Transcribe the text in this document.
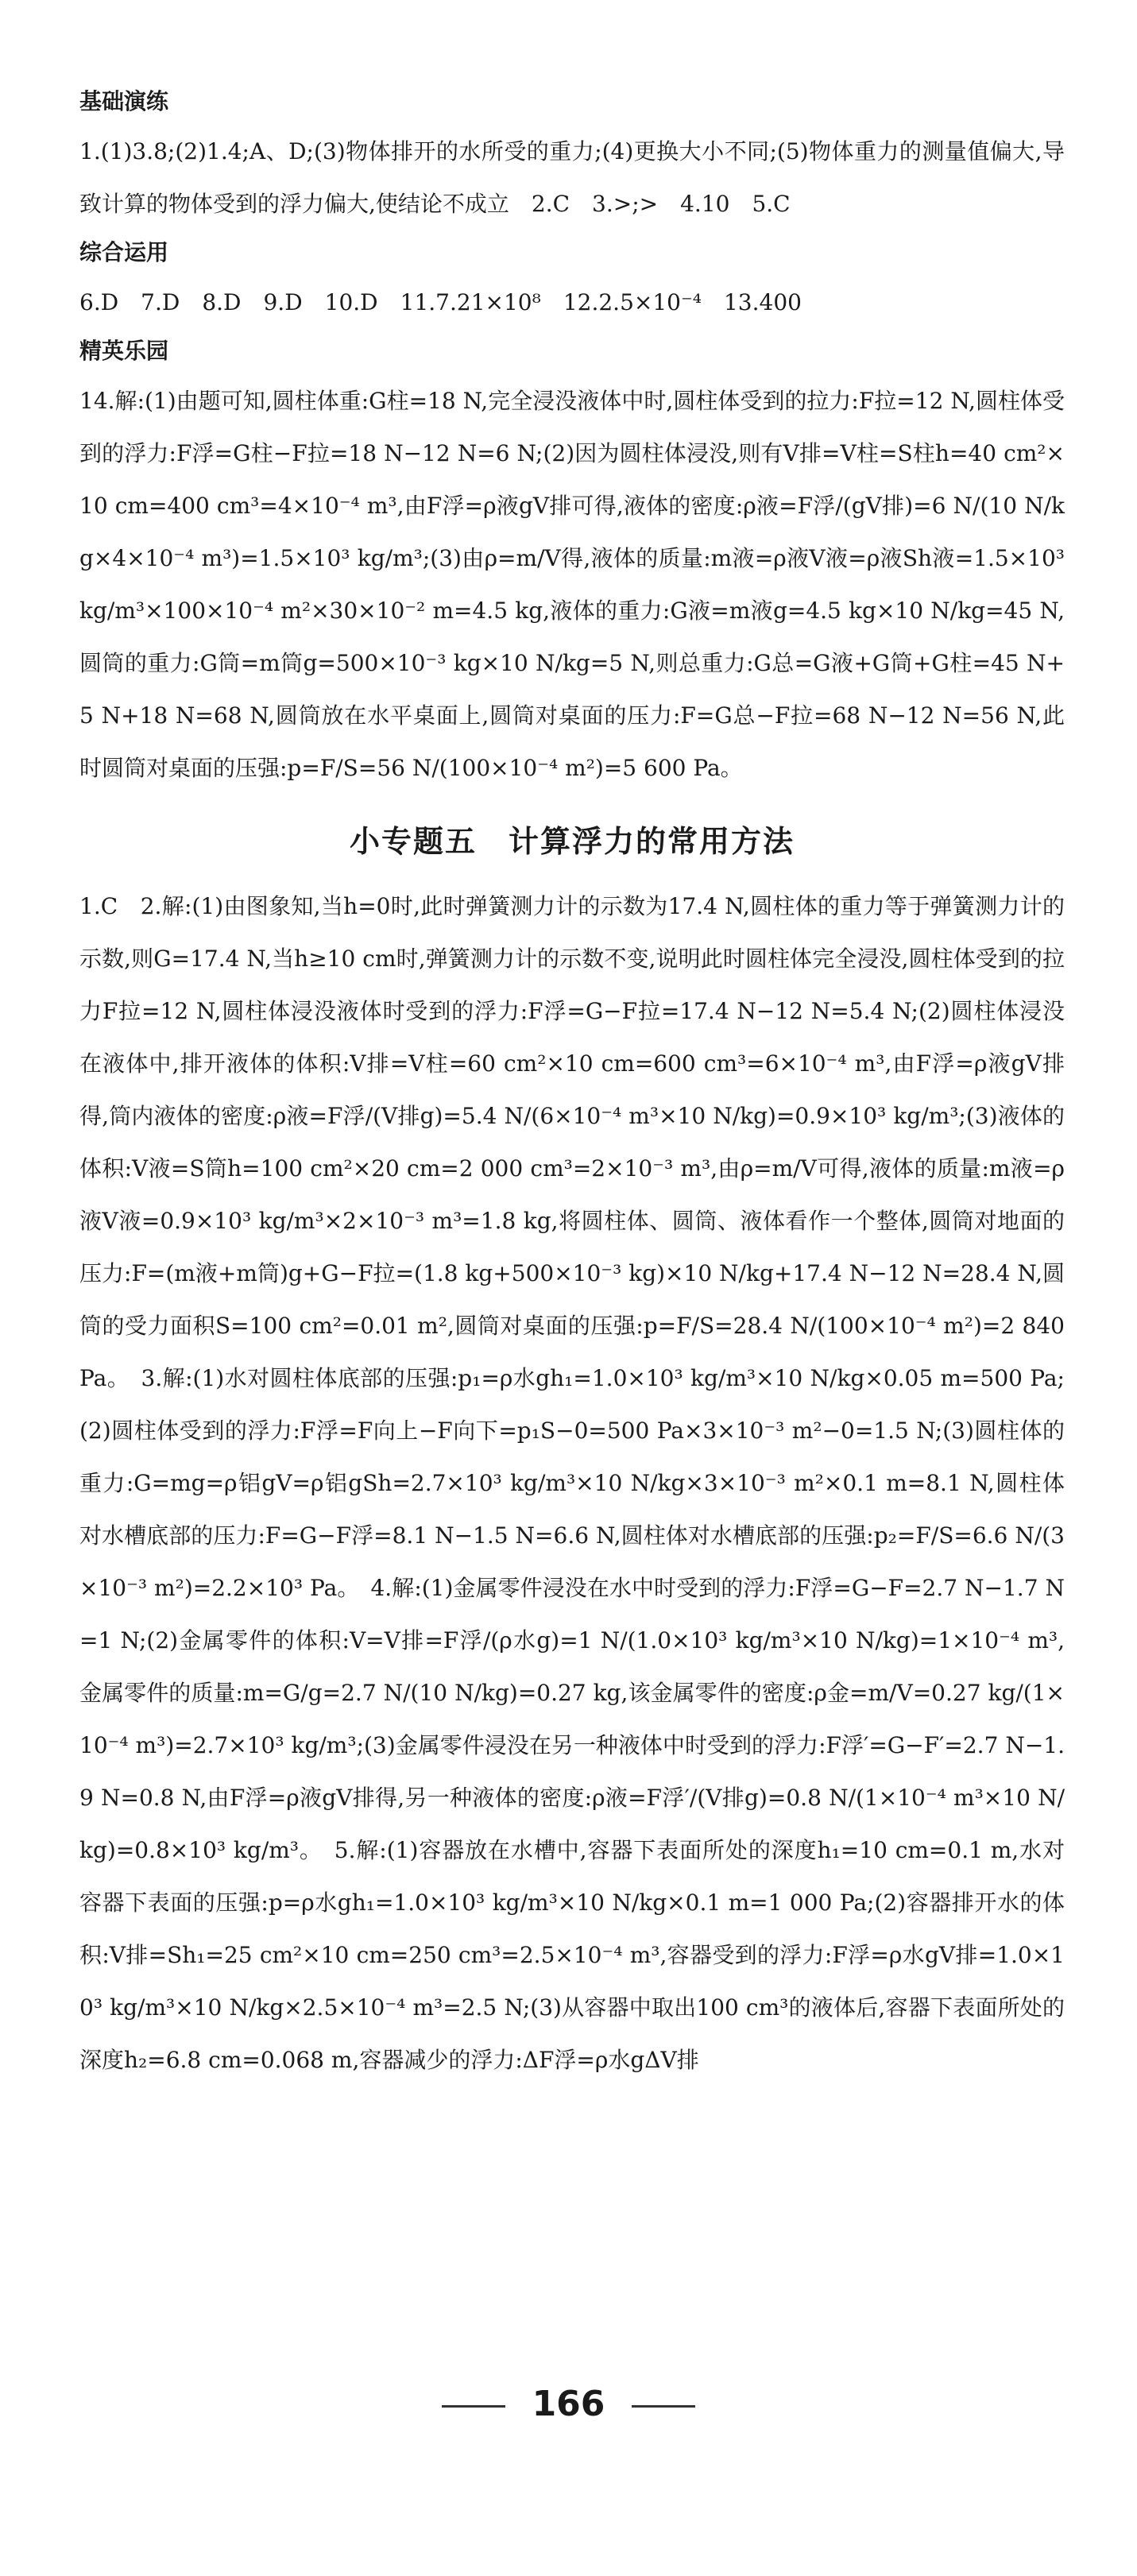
基础演练

1.(1)3.8;(2)1.4;A、D;(3)物体排开的水所受的重力;(4)更换大小不同;(5)物体重力的测量值偏大,导致计算的物体受到的浮力偏大,使结论不成立　2.C　3.>;>　4.10　5.C

综合运用

6.D　7.D　8.D　9.D　10.D　11.7.21×10⁸　12.2.5×10⁻⁴　13.400

精英乐园

14.解:(1)由题可知,圆柱体重:G柱=18 N,完全浸没液体中时,圆柱体受到的拉力:F拉=12 N,圆柱体受到的浮力:F浮=G柱−F拉=18 N−12 N=6 N;(2)因为圆柱体浸没,则有V排=V柱=S柱h=40 cm²×10 cm=400 cm³=4×10⁻⁴ m³,由F浮=ρ液gV排可得,液体的密度:ρ液=F浮/(gV排)=6 N/(10 N/kg×4×10⁻⁴ m³)=1.5×10³ kg/m³;(3)由ρ=m/V得,液体的质量:m液=ρ液V液=ρ液Sh液=1.5×10³ kg/m³×100×10⁻⁴ m²×30×10⁻² m=4.5 kg,液体的重力:G液=m液g=4.5 kg×10 N/kg=45 N,圆筒的重力:G筒=m筒g=500×10⁻³ kg×10 N/kg=5 N,则总重力:G总=G液+G筒+G柱=45 N+5 N+18 N=68 N,圆筒放在水平桌面上,圆筒对桌面的压力:F=G总−F拉=68 N−12 N=56 N,此时圆筒对桌面的压强:p=F/S=56 N/(100×10⁻⁴ m²)=5 600 Pa。

小专题五　计算浮力的常用方法

1.C　2.解:(1)由图象知,当h=0时,此时弹簧测力计的示数为17.4 N,圆柱体的重力等于弹簧测力计的示数,则G=17.4 N,当h≥10 cm时,弹簧测力计的示数不变,说明此时圆柱体完全浸没,圆柱体受到的拉力F拉=12 N,圆柱体浸没液体时受到的浮力:F浮=G−F拉=17.4 N−12 N=5.4 N;(2)圆柱体浸没在液体中,排开液体的体积:V排=V柱=60 cm²×10 cm=600 cm³=6×10⁻⁴ m³,由F浮=ρ液gV排得,筒内液体的密度:ρ液=F浮/(V排g)=5.4 N/(6×10⁻⁴ m³×10 N/kg)=0.9×10³ kg/m³;(3)液体的体积:V液=S筒h=100 cm²×20 cm=2 000 cm³=2×10⁻³ m³,由ρ=m/V可得,液体的质量:m液=ρ液V液=0.9×10³ kg/m³×2×10⁻³ m³=1.8 kg,将圆柱体、圆筒、液体看作一个整体,圆筒对地面的压力:F=(m液+m筒)g+G−F拉=(1.8 kg+500×10⁻³ kg)×10 N/kg+17.4 N−12 N=28.4 N,圆筒的受力面积S=100 cm²=0.01 m²,圆筒对桌面的压强:p=F/S=28.4 N/(100×10⁻⁴ m²)=2 840 Pa。　3.解:(1)水对圆柱体底部的压强:p₁=ρ水gh₁=1.0×10³ kg/m³×10 N/kg×0.05 m=500 Pa;(2)圆柱体受到的浮力:F浮=F向上−F向下=p₁S−0=500 Pa×3×10⁻³ m²−0=1.5 N;(3)圆柱体的重力:G=mg=ρ铝gV=ρ铝gSh=2.7×10³ kg/m³×10 N/kg×3×10⁻³ m²×0.1 m=8.1 N,圆柱体对水槽底部的压力:F=G−F浮=8.1 N−1.5 N=6.6 N,圆柱体对水槽底部的压强:p₂=F/S=6.6 N/(3×10⁻³ m²)=2.2×10³ Pa。　4.解:(1)金属零件浸没在水中时受到的浮力:F浮=G−F=2.7 N−1.7 N=1 N;(2)金属零件的体积:V=V排=F浮/(ρ水g)=1 N/(1.0×10³ kg/m³×10 N/kg)=1×10⁻⁴ m³,金属零件的质量:m=G/g=2.7 N/(10 N/kg)=0.27 kg,该金属零件的密度:ρ金=m/V=0.27 kg/(1×10⁻⁴ m³)=2.7×10³ kg/m³;(3)金属零件浸没在另一种液体中时受到的浮力:F浮′=G−F′=2.7 N−1.9 N=0.8 N,由F浮=ρ液gV排得,另一种液体的密度:ρ液=F浮′/(V排g)=0.8 N/(1×10⁻⁴ m³×10 N/kg)=0.8×10³ kg/m³。　5.解:(1)容器放在水槽中,容器下表面所处的深度h₁=10 cm=0.1 m,水对容器下表面的压强:p=ρ水gh₁=1.0×10³ kg/m³×10 N/kg×0.1 m=1 000 Pa;(2)容器排开水的体积:V排=Sh₁=25 cm²×10 cm=250 cm³=2.5×10⁻⁴ m³,容器受到的浮力:F浮=ρ水gV排=1.0×10³ kg/m³×10 N/kg×2.5×10⁻⁴ m³=2.5 N;(3)从容器中取出100 cm³的液体后,容器下表面所处的深度h₂=6.8 cm=0.068 m,容器减少的浮力:ΔF浮=ρ水gΔV排

166
